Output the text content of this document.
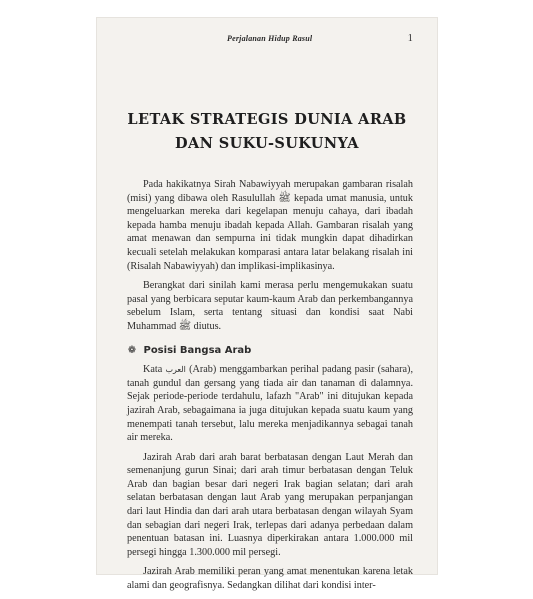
Perjalanan Hidup Rasul	1
LETAK STRATEGIS DUNIA ARAB
DAN SUKU-SUKUNYA

Pada hakikatnya Sirah Nabawiyyah merupakan gambaran risalah (misi) yang dibawa oleh Rasulullah ﷺ kepada umat manusia, untuk mengeluarkan mereka dari kegelapan menuju cahaya, dari ibadah kepada hamba menuju ibadah kepada Allah. Gambaran risalah yang amat menawan dan sempurna ini tidak mungkin dapat dihadirkan kecuali setelah melakukan komparasi antara latar belakang risalah ini (Risalah Nabawiyyah) dan implikasi-implikasinya.

Berangkat dari sinilah kami merasa perlu mengemukakan suatu pasal yang berbicara seputar kaum-kaum Arab dan perkembangannya sebelum Islam, serta tentang situasi dan kondisi saat Nabi Muhammad ﷺ diutus.

❁ Posisi Bangsa Arab

Kata العرب (Arab) menggambarkan perihal padang pasir (sahara), tanah gundul dan gersang yang tiada air dan tanaman di dalamnya. Sejak periode-periode terdahulu, lafazh "Arab" ini ditujukan kepada jazirah Arab, sebagaimana ia juga ditujukan kepada suatu kaum yang menempati tanah tersebut, lalu mereka menjadikannya sebagai tanah air mereka.

Jazirah Arab dari arah barat berbatasan dengan Laut Merah dan semenanjung gurun Sinai; dari arah timur berbatasan dengan Teluk Arab dan bagian besar dari negeri Irak bagian selatan; dari arah selatan berbatasan dengan laut Arab yang merupakan perpanjangan dari laut Hindia dan dari arah utara berbatasan dengan wilayah Syam dan sebagian dari negeri Irak, terlepas dari adanya perbedaan dalam penentuan batasan ini. Luasnya diperkirakan antara 1.000.000 mil persegi hingga 1.300.000 mil persegi.

Jazirah Arab memiliki peran yang amat menentukan karena letak alami dan geografisnya. Sedangkan dilihat dari kondisi inter-
